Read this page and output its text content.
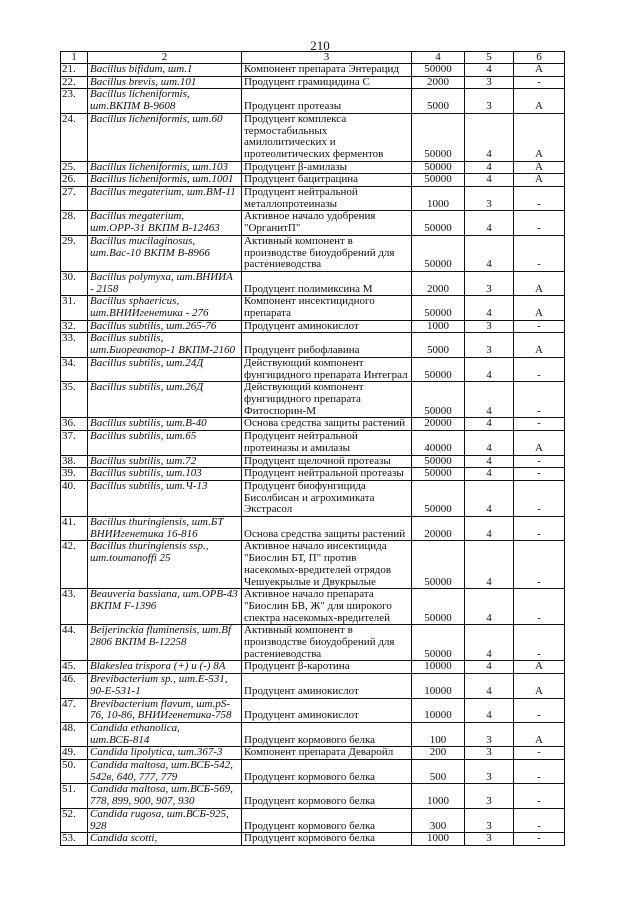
210
1	2	3	4	5	6
21.	Bacillus bifidum, шт.1	Компонент препарата Энтерацид	50000	4	A
22.	Bacillus brevis, шт.101	Продуцент грамицидина С	2000	3	-
23.	Bacillus licheniformis, шт.ВКПМ В-9608	Продуцент протеазы	5000	3	A
24.	Bacillus licheniformis, шт.60	Продуцент комплекса термостабильных амилолитических и протеолитических ферментов	50000	4	A
25.	Bacillus licheniformis, шт.103	Продуцент β-амилазы	50000	4	A
26.	Bacillus licheniformis, шт.1001	Продуцент бацитрацина	50000	4	A
27.	Bacillus megaterium, шт.ВМ-11	Продуцент нейтральной металлопротеиназы	1000	3	-
28.	Bacillus megaterium, шт.ОРР-31 ВКПМ В-12463	Активное начало удобрения "ОрганитП"	50000	4	-
29.	Bacillus mucilaginosus, шт.Вас-10 ВКПМ В-8966	Активный компонент в производстве биоудобрений для растениеводства	50000	4	-
30.	Bacillus polymyxa, шт.ВНИИА - 2158	Продуцент полимиксина М	2000	3	A
31.	Bacillus sphaericus, шт.ВНИИгенетика - 276	Компонент инсектицидного препарата	50000	4	A
32.	Bacillus subtilis, шт.265-76	Продуцент аминокислот	1000	3	-
33.	Bacillus subtilis, шт.Биореактор-1 ВКПМ-2160	Продуцент рибофлавина	5000	3	A
34.	Bacillus subtilis, шт.24Д	Действующий компонент фунгицидного препарата Интеграл	50000	4	-
35.	Bacillus subtilis, шт.26Д	Действующий компонент фунгицидного препарата Фитоспорин-М	50000	4	-
36.	Bacillus subtilis, шт.В-40	Основа средства защиты растений	20000	4	-
37.	Bacillus subtilis, шт.65	Продуцент нейтральной протеиназы и амилазы	40000	4	A
38.	Bacillus subtilis, шт.72	Продуцент щелочной протеазы	50000	4	-
39.	Bacillus subtilis, шт.103	Продуцент нейтральной протеазы	50000	4	-
40.	Bacillus subtilis, шт.Ч-13	Продуцент биофунгицида Бисолбисан и агрохимиката Экстрасол	50000	4	-
41.	Bacillus thuringiensis, шт.БТ ВНИИгенетика 16-816	Основа средства защиты растений	20000	4	-
42.	Bacillus thuringiensis ssp., шт.toumanoffi 25	Активное начало инсектицида "Биослин БТ, П" против насекомых-вредителей отрядов Чешуекрылые и Двукрылые	50000	4	-
43.	Beauveria bassiana, шт.ОРВ-43 ВКПМ F-1396	Активное начало препарата "Биослин БВ, Ж" для широкого спектра насекомых-вредителей	50000	4	-
44.	Beijerinckia fluminensis, шт.Bf 2806 ВКПМ В-12258	Активный компонент в производстве биоудобрений для растениеводства	50000	4	-
45.	Blakeslea trispora (+) и (-) 8А	Продуцент β-каротина	10000	4	A
46.	Brevibacterium sp., шт.Е-531, 90-Е-531-1	Продуцент аминокислот	10000	4	A
47.	Brevibacterium flavum, шт.pS-76, 10-86, ВНИИгенетика-758	Продуцент аминокислот	10000	4	-
48.	Candida ethanolica, шт.ВСБ-814	Продуцент кормового белка	100	3	A
49.	Candida lipolytica, шт.367-3	Компонент препарата Деваройл	200	3	-
50.	Candida maltosa, шт.ВСБ-542, 542в, 640, 777, 779	Продуцент кормового белка	500	3	-
51.	Candida maltosa, шт.ВСБ-569, 778, 899, 900, 907, 930	Продуцент кормового белка	1000	3	-
52.	Candida rugosa, шт.ВСБ-925, 928	Продуцент кормового белка	300	3	-
53.	Candida scotti,	Продуцент кормового белка	1000	3	-
